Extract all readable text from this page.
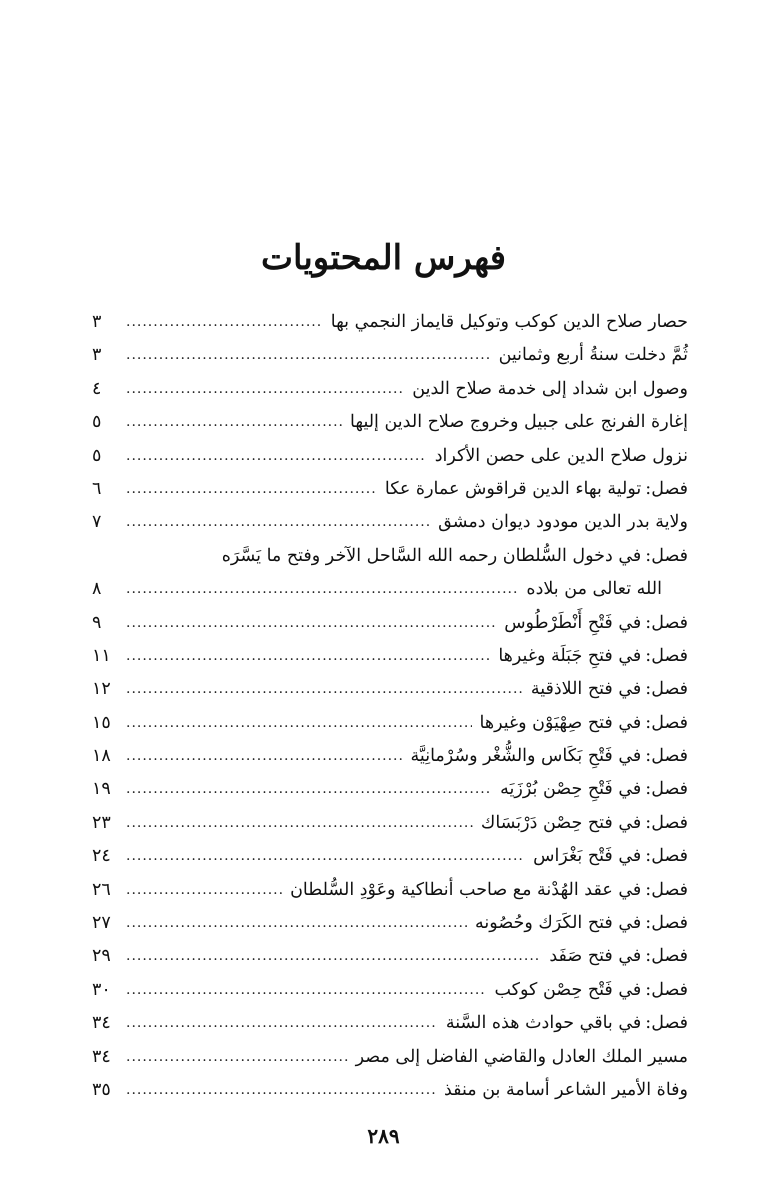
فهرس المحتويات
حصار صلاح الدين كوكب وتوكيل قايماز النجمي بها
.....
٣
ثُمَّ دخلت سنةُ أربع وثمانين
.....
٣
وصول ابن شداد إلى خدمة صلاح الدين
.....
٤
إغارة الفرنج على جبيل وخروج صلاح الدين إليها
.....
٥
نزول صلاح الدين على حصن الأكراد
.....
٥
فصل:تولية بهاء الدين قراقوش عمارة عكا
.....
٦
ولاية بدر الدين مودود ديوان دمشق
.....
٧
فصل:في دخول السُّلطان رحمه الله السَّاحل الآخر وفتح ما يَسَّرَه
الله تعالى من بلاده
.....
٨
فصل:في فَتْحِ أَنْطَرْطُوس
.....
٩
فصل:في فتحِ جَبَلَة وغيرها
.....
١١
فصل:في فتح اللاذقية
.....
١٢
فصل:في فتح صِهْيَوْن وغيرها
.....
١٥
فصل:في فَتْحِ بَكَاس والشُّغْر وسُرْمانِيَّة
.....
١٨
فصل:في فَتْحِ حِصْن بُرْزَيَه
.....
١٩
فصل:في فتح حِصْن دَرْبَسَاك
.....
٢٣
فصل:في فَتْح بَغْرَاس
.....
٢٤
فصل:في عقد الهُدْنة مع صاحب أنطاكية وعَوْدِ السُّلطان
.....
٢٦
فصل:في فتح الكَرَك وحُصُونه
.....
٢٧
فصل:في فتح صَفَد
.....
٢٩
فصل:في فَتْح حِصْن كوكب
.....
٣٠
فصل:في باقي حوادث هذه السَّنة
.....
٣٤
مسير الملك العادل والقاضي الفاضل إلى مصر
.....
٣٤
وفاة الأمير الشاعر أسامة بن منقذ
.....
٣٥
٢٨٩
